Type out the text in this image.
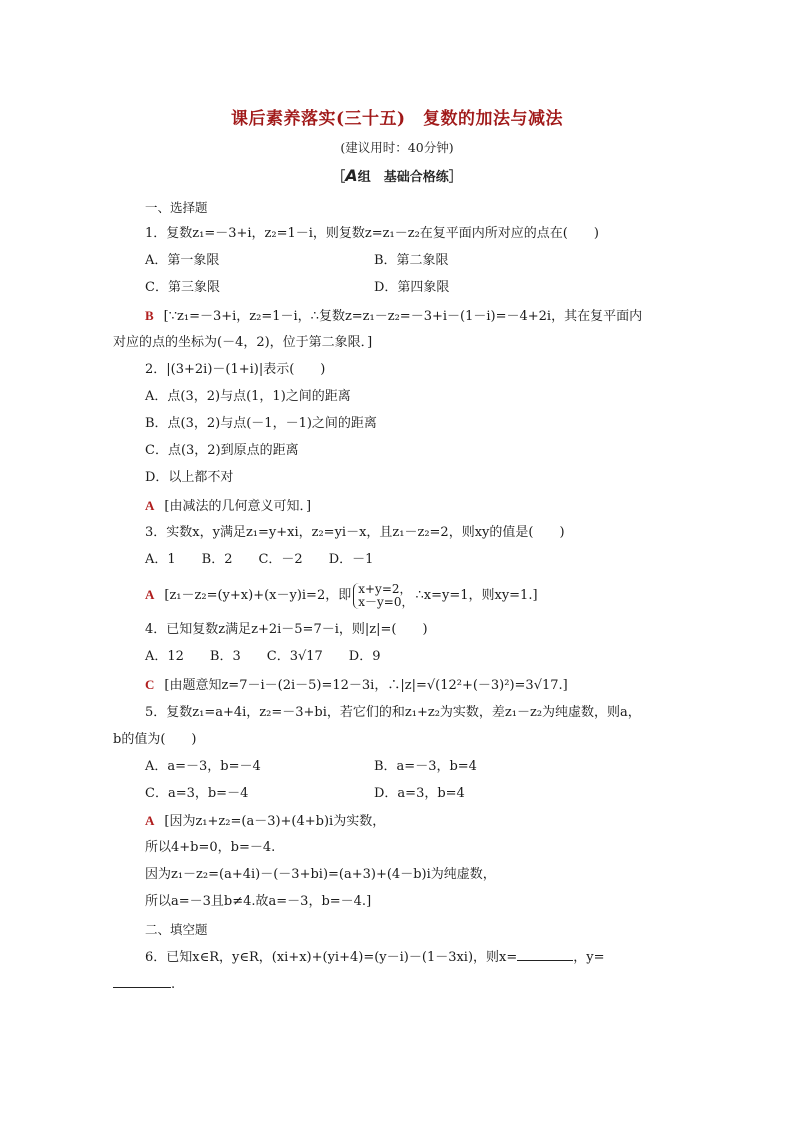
课后素养落实(三十五)　复数的加法与减法
(建议用时：40分钟)
［A组　基础合格练］
一、选择题
1．复数z₁=－3+i，z₂=1－i，则复数z=z₁－z₂在复平面内所对应的点在(　　)
A．第一象限	B．第二象限
C．第三象限	D．第四象限
B [∵z₁=－3+i，z₂=1－i，∴复数z=z₁－z₂=－3+i－(1－i)=－4+2i，其在复平面内
对应的点的坐标为(－4，2)，位于第二象限．]
2．|(3+2i)－(1+i)|表示(　　)
A．点(3，2)与点(1，1)之间的距离
B．点(3，2)与点(－1，－1)之间的距离
C．点(3，2)到原点的距离
D．以上都不对
A [由减法的几何意义可知．]
3．实数x，y满足z₁=y+xi，z₂=yi－x，且z₁－z₂=2，则xy的值是(　　)
A．1　　B．2　　C．－2　　D．－1
A [z₁－z₂=(y+x)+(x－y)i=2，即 x+y=2，
x－y=0， ∴x=y=1，则xy=1.]
4．已知复数z满足z+2i－5=7－i，则|z|=(　　)
A．12　　B．3　　C．3√17　　D．9
C [由题意知z=7－i－(2i－5)=12－3i，∴|z|=√(12²+(－3)²)=3√17.]
5．复数z₁=a+4i，z₂=－3+bi，若它们的和z₁+z₂为实数，差z₁－z₂为纯虚数，则a，
b的值为(　　)
A．a=－3，b=－4	B．a=－3，b=4
C．a=3，b=－4	D．a=3，b=4
A [因为z₁+z₂=(a－3)+(4+b)i为实数，
所以4+b=0，b=－4.
因为z₁－z₂=(a+4i)－(－3+bi)=(a+3)+(4－b)i为纯虚数，
所以a=－3且b≠4.故a=－3，b=－4.]
二、填空题
6．已知x∈R，y∈R，(xi+x)+(yi+4)=(y－i)－(1－3xi)，则x=	，y=
.
